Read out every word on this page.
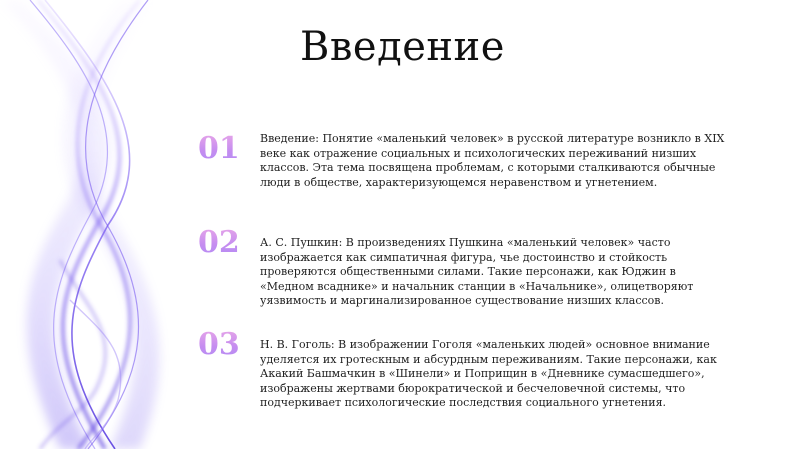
Введение
01	Введение: Понятие «маленький человек» в русской литературе возникло в XIX веке как отражение социальных и психологических переживаний низших классов. Эта тема посвящена проблемам, с которыми сталкиваются обычные люди в обществе, характеризующемся неравенством и угнетением.
02	А. С. Пушкин: В произведениях Пушкина «маленький человек» часто изображается как симпатичная фигура, чье достоинство и стойкость проверяются общественными силами. Такие персонажи, как Юджин в «Медном всаднике» и начальник станции в «Начальнике», олицетворяют уязвимость и маргинализированное существование низших классов.
03	Н. В. Гоголь: В изображении Гоголя «маленьких людей» основное внимание уделяется их гротескным и абсурдным переживаниям. Такие персонажи, как Акакий Башмачкин в «Шинели» и Поприщин в «Дневнике сумасшедшего», изображены жертвами бюрократической и бесчеловечной системы, что подчеркивает психологические последствия социального угнетения.
